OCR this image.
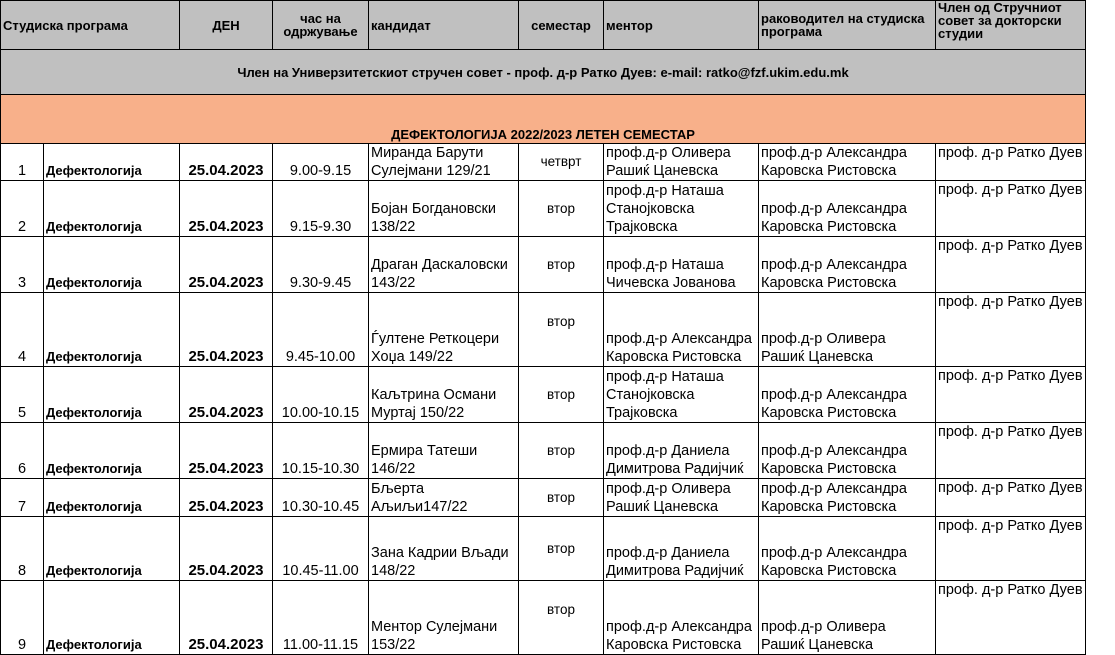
Студиска програма		ДЕН	час на одржување	кандидат	семестар	ментор	раководител на студиска програма	Член од Стручниот совет за докторски студии
Член на Универзитетскиот стручен совет - проф. д-р Ратко Дуев: e-mail: ratko@fzf.ukim.edu.mk								
ДЕФЕКТОЛОГИЈА 2022/2023 ЛЕТЕН СЕМЕСТАР								
1	Дефектологија	25.04.2023	9.00-9.15	Миранда Барути Сулејмани 129/21	четврт	проф.д-р Оливера Рашиќ Цаневска	проф.д-р Александра Каровска Ристовска	проф. д-р Ратко Дуев
2	Дефектологија	25.04.2023	9.15-9.30	Бојан Богдановски 138/22	втор	проф.д-р Наташа Станојковска Трајковска	проф.д-р Александра Каровска Ристовска	проф. д-р Ратко Дуев
3	Дефектологија	25.04.2023	9.30-9.45	Драган Даскаловски 143/22	втор	проф.д-р Наташа Чичевска Јованова	проф.д-р Александра Каровска Ристовска	проф. д-р Ратко Дуев
4	Дефектологија	25.04.2023	9.45-10.00	Ѓултене Реткоцери Хоџа 149/22	втор	проф.д-р Александра Каровска Ристовска	проф.д-р Оливера Рашиќ Цаневска	проф. д-р Ратко Дуев
5	Дефектологија	25.04.2023	10.00-10.15	Каљтрина Османи Муртај 150/22	втор	проф.д-р Наташа Станојковска Трајковска	проф.д-р Александра Каровска Ристовска	проф. д-р Ратко Дуев
6	Дефектологија	25.04.2023	10.15-10.30	Ермира Татеши 146/22	втор	проф.д-р Даниела Димитрова Радијчиќ	проф.д-р Александра Каровска Ристовска	проф. д-р Ратко Дуев
7	Дефектологија	25.04.2023	10.30-10.45	Бљерта Аљиљи147/22	втор	проф.д-р Оливера Рашиќ Цаневска	проф.д-р Александра Каровска Ристовска	проф. д-р Ратко Дуев
8	Дефектологија	25.04.2023	10.45-11.00	Зана Кадрии Вљади 148/22	втор	проф.д-р Даниела Димитрова Радијчиќ	проф.д-р Александра Каровска Ристовска	проф. д-р Ратко Дуев
9	Дефектологија	25.04.2023	11.00-11.15	Ментор Сулејмани 153/22	втор	проф.д-р Александра Каровска Ристовска	проф.д-р Оливера Рашиќ Цаневска	проф. д-р Ратко Дуев
